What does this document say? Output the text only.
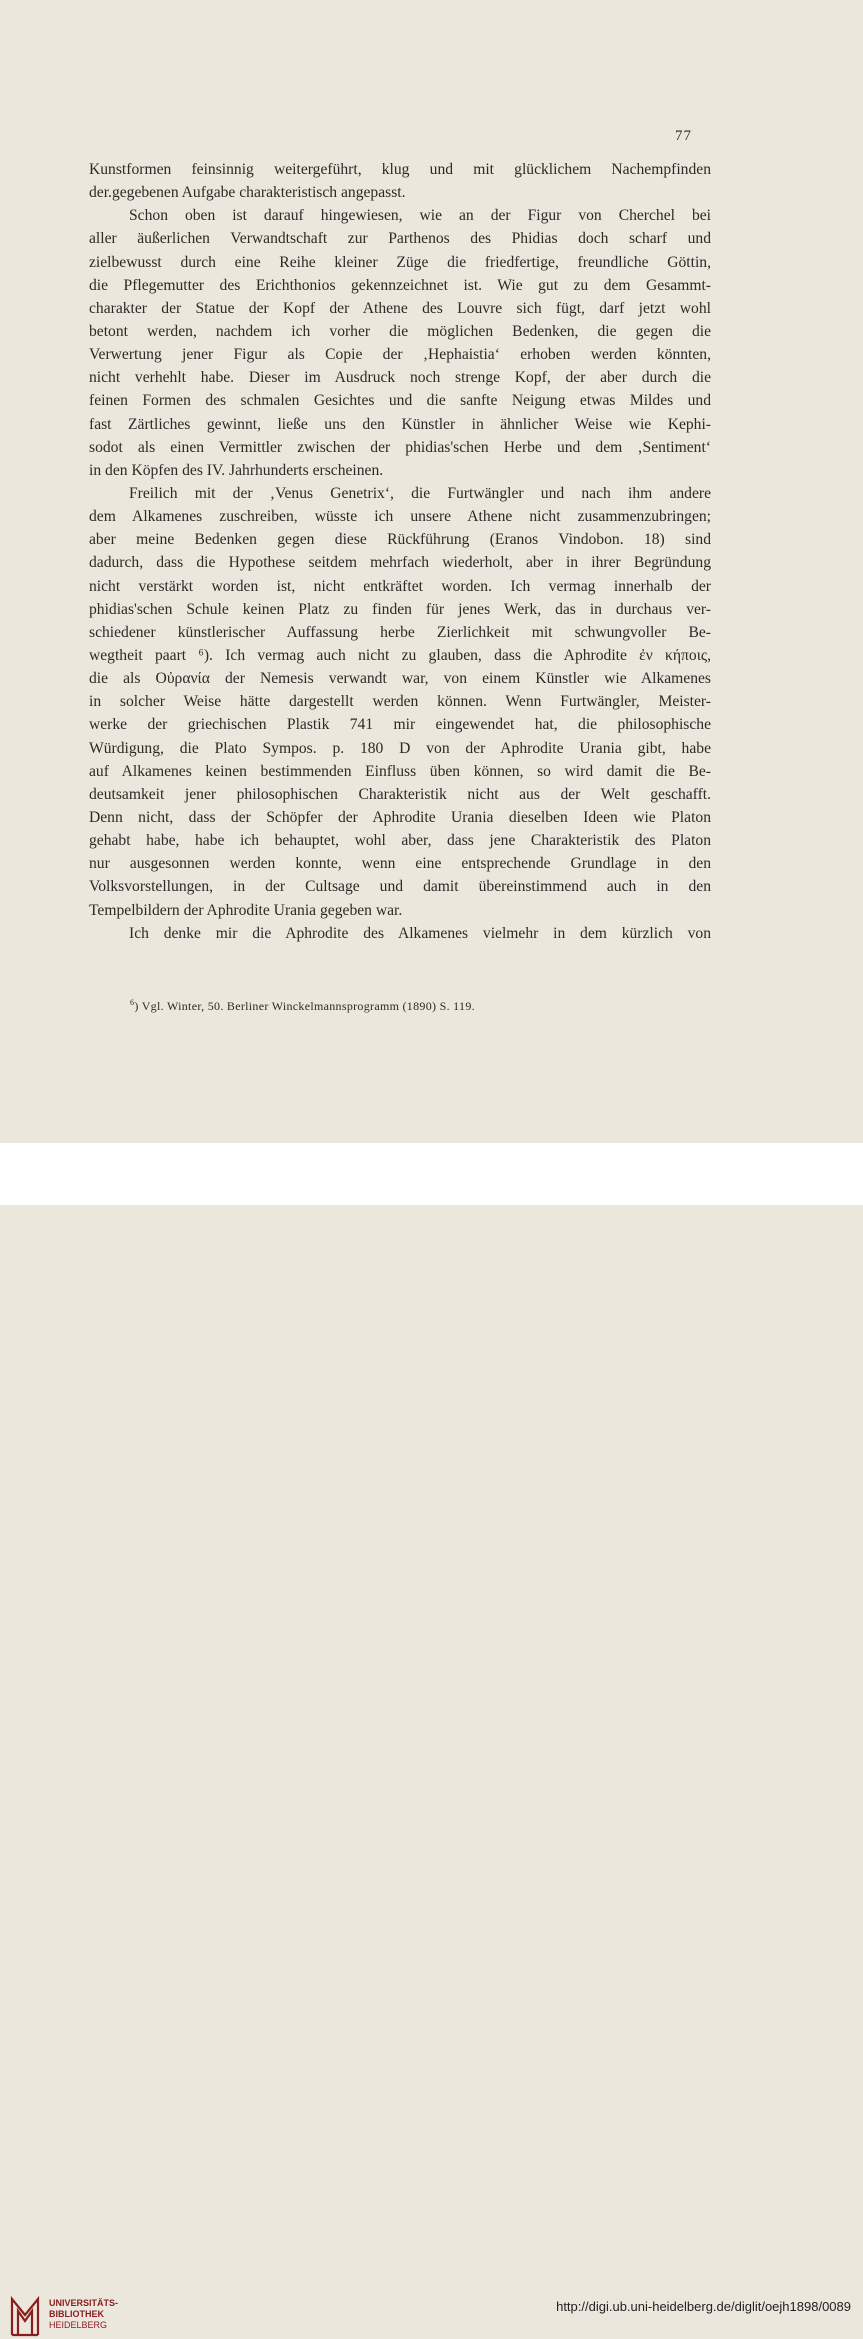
77
Kunstformen feinsinnig weitergeführt, klug und mit glücklichem Nachempfinden
der.gegebenen Aufgabe charakteristisch angepasst.
Schon oben ist darauf hingewiesen, wie an der Figur von Cherchel bei
aller äußerlichen Verwandtschaft zur Parthenos des Phidias doch scharf und
zielbewusst durch eine Reihe kleiner Züge die friedfertige, freundliche Göttin,
die Pflegemutter des Erichthonios gekennzeichnet ist. Wie gut zu dem Gesammt-
charakter der Statue der Kopf der Athene des Louvre sich fügt, darf jetzt wohl
betont werden, nachdem ich vorher die möglichen Bedenken, die gegen die
Verwertung jener Figur als Copie der ‚Hephaistia‘ erhoben werden könnten,
nicht verhehlt habe. Dieser im Ausdruck noch strenge Kopf, der aber durch die
feinen Formen des schmalen Gesichtes und die sanfte Neigung etwas Mildes und
fast Zärtliches gewinnt, ließe uns den Künstler in ähnlicher Weise wie Kephi-
sodot als einen Vermittler zwischen der phidias'schen Herbe und dem ‚Sentiment‘
in den Köpfen des IV. Jahrhunderts erscheinen.
Freilich mit der ‚Venus Genetrix‘, die Furtwängler und nach ihm andere
dem Alkamenes zuschreiben, wüsste ich unsere Athene nicht zusammenzubringen;
aber meine Bedenken gegen diese Rückführung (Eranos Vindobon. 18) sind
dadurch, dass die Hypothese seitdem mehrfach wiederholt, aber in ihrer Begründung
nicht verstärkt worden ist, nicht entkräftet worden. Ich vermag innerhalb der
phidias'schen Schule keinen Platz zu finden für jenes Werk, das in durchaus ver-
schiedener künstlerischer Auffassung herbe Zierlichkeit mit schwungvoller Be-
wegtheit paart ⁶). Ich vermag auch nicht zu glauben, dass die Aphrodite ἐν κήποις,
die als Οὐρανία der Nemesis verwandt war, von einem Künstler wie Alkamenes
in solcher Weise hätte dargestellt werden können. Wenn Furtwängler, Meister-
werke der griechischen Plastik 741 mir eingewendet hat, die philosophische
Würdigung, die Plato Sympos. p. 180 D von der Aphrodite Urania gibt, habe
auf Alkamenes keinen bestimmenden Einfluss üben können, so wird damit die Be-
deutsamkeit jener philosophischen Charakteristik nicht aus der Welt geschafft.
Denn nicht, dass der Schöpfer der Aphrodite Urania dieselben Ideen wie Platon
gehabt habe, habe ich behauptet, wohl aber, dass jene Charakteristik des Platon
nur ausgesonnen werden konnte, wenn eine entsprechende Grundlage in den
Volksvorstellungen, in der Cultsage und damit übereinstimmend auch in den
Tempelbildern der Aphrodite Urania gegeben war.
Ich denke mir die Aphrodite des Alkamenes vielmehr in dem kürzlich von
$^6$) Vgl. Winter, 50. Berliner Winckelmannsprogramm (1890) S. 119.
UNIVERSITÄTS-
BIBLIOTHEK
HEIDELBERG
http://digi.ub.uni-heidelberg.de/diglit/oejh1898/0089
